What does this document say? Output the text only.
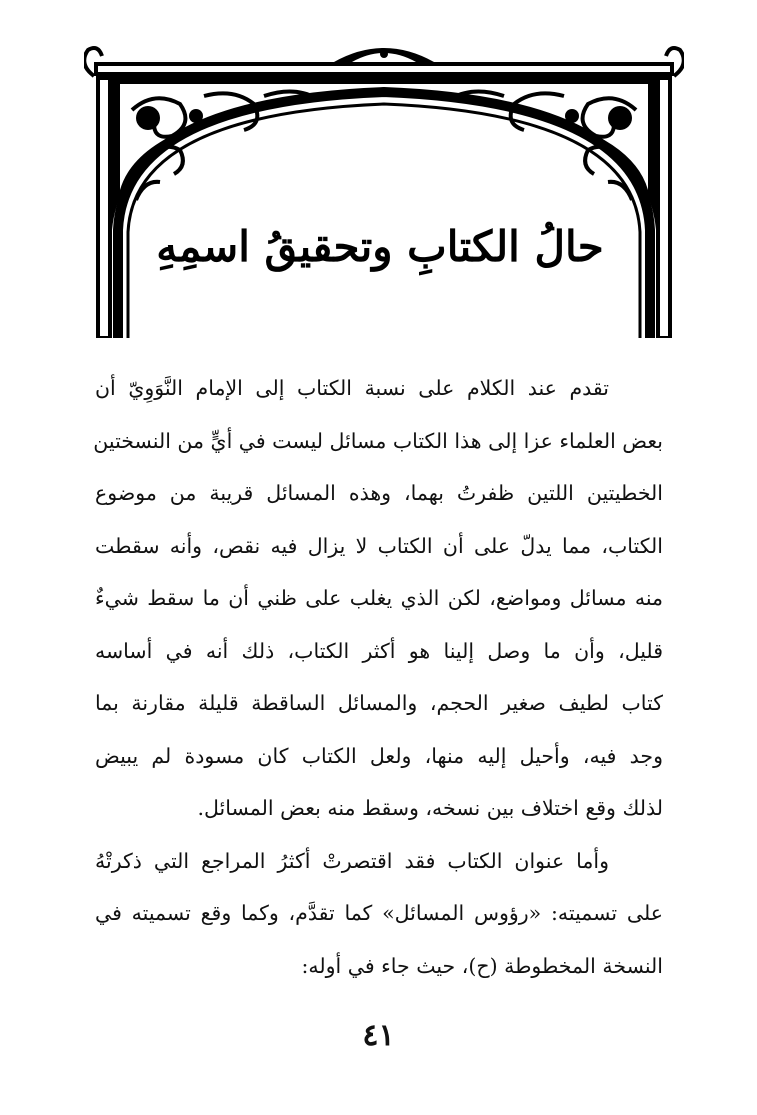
حالُ الكتابِ وتحقيقُ اسمِهِ

تقدم عند الكلام على نسبة الكتاب إلى الإمام النَّوَوِيّ أن

بعض العلماء عزا إلى هذا الكتاب مسائل ليست في أيٍّ من النسختين
الخطيتين اللتين ظفرتُ بهما، وهذه المسائل قريبة من موضوع
الكتاب، مما يدلّ على أن الكتاب لا يزال فيه نقص، وأنه سقطت
منه مسائل ومواضع، لكن الذي يغلب على ظني أن ما سقط شيءٌ
قليل، وأن ما وصل إلينا هو أكثر الكتاب، ذلك أنه في أساسه
كتاب لطيف صغير الحجم، والمسائل الساقطة قليلة مقارنة بما
وجد فيه، وأحيل إليه منها، ولعل الكتاب كان مسودة لم يبيض
لذلك وقع اختلاف بين نسخه، وسقط منه بعض المسائل.

وأما عنوان الكتاب فقد اقتصرتْ أكثرُ المراجع التي ذكرتْهُ

على تسميته: «رؤوس المسائل» كما تقدَّم، وكما وقع تسميته في
النسخة المخطوطة (ح)، حيث جاء في أوله:

٤١
